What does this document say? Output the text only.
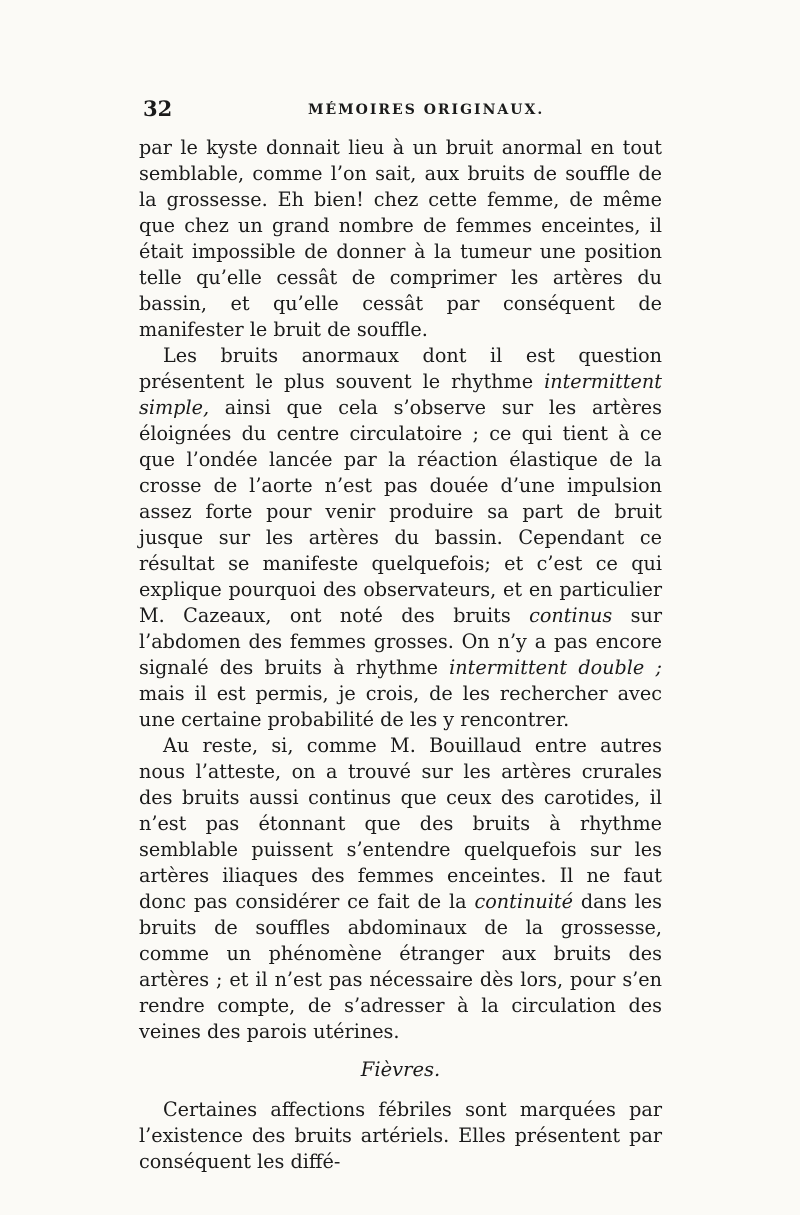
32	MÉMOIRES ORIGINAUX.

par le kyste donnait lieu à un bruit anormal en tout semblable, comme l’on sait, aux bruits de souffle de la grossesse. Eh bien! chez cette femme, de même que chez un grand nombre de femmes enceintes, il était impossible de donner à la tumeur une position telle qu’elle cessât de comprimer les artères du bassin, et qu’elle cessât par conséquent de manifester le bruit de souffle.

Les bruits anormaux dont il est question présentent le plus souvent le rhythme intermittent simple, ainsi que cela s’observe sur les artères éloignées du centre circulatoire ; ce qui tient à ce que l’ondée lancée par la réaction élastique de la crosse de l’aorte n’est pas douée d’une impulsion assez forte pour venir produire sa part de bruit jusque sur les artères du bassin. Cependant ce résultat se manifeste quelquefois; et c’est ce qui explique pourquoi des observateurs, et en particulier M. Cazeaux, ont noté des bruits continus sur l’abdomen des femmes grosses. On n’y a pas encore signalé des bruits à rhythme intermittent double ; mais il est permis, je crois, de les rechercher avec une certaine probabilité de les y rencontrer.

Au reste, si, comme M. Bouillaud entre autres nous l’atteste, on a trouvé sur les artères crurales des bruits aussi continus que ceux des carotides, il n’est pas étonnant que des bruits à rhythme semblable puissent s’entendre quelquefois sur les artères iliaques des femmes enceintes. Il ne faut donc pas considérer ce fait de la continuité dans les bruits de souffles abdominaux de la grossesse, comme un phénomène étranger aux bruits des artères ; et il n’est pas nécessaire dès lors, pour s’en rendre compte, de s’adresser à la circulation des veines des parois utérines.

Fièvres.

Certaines affections fébriles sont marquées par l’existence des bruits artériels. Elles présentent par conséquent les diffé-
